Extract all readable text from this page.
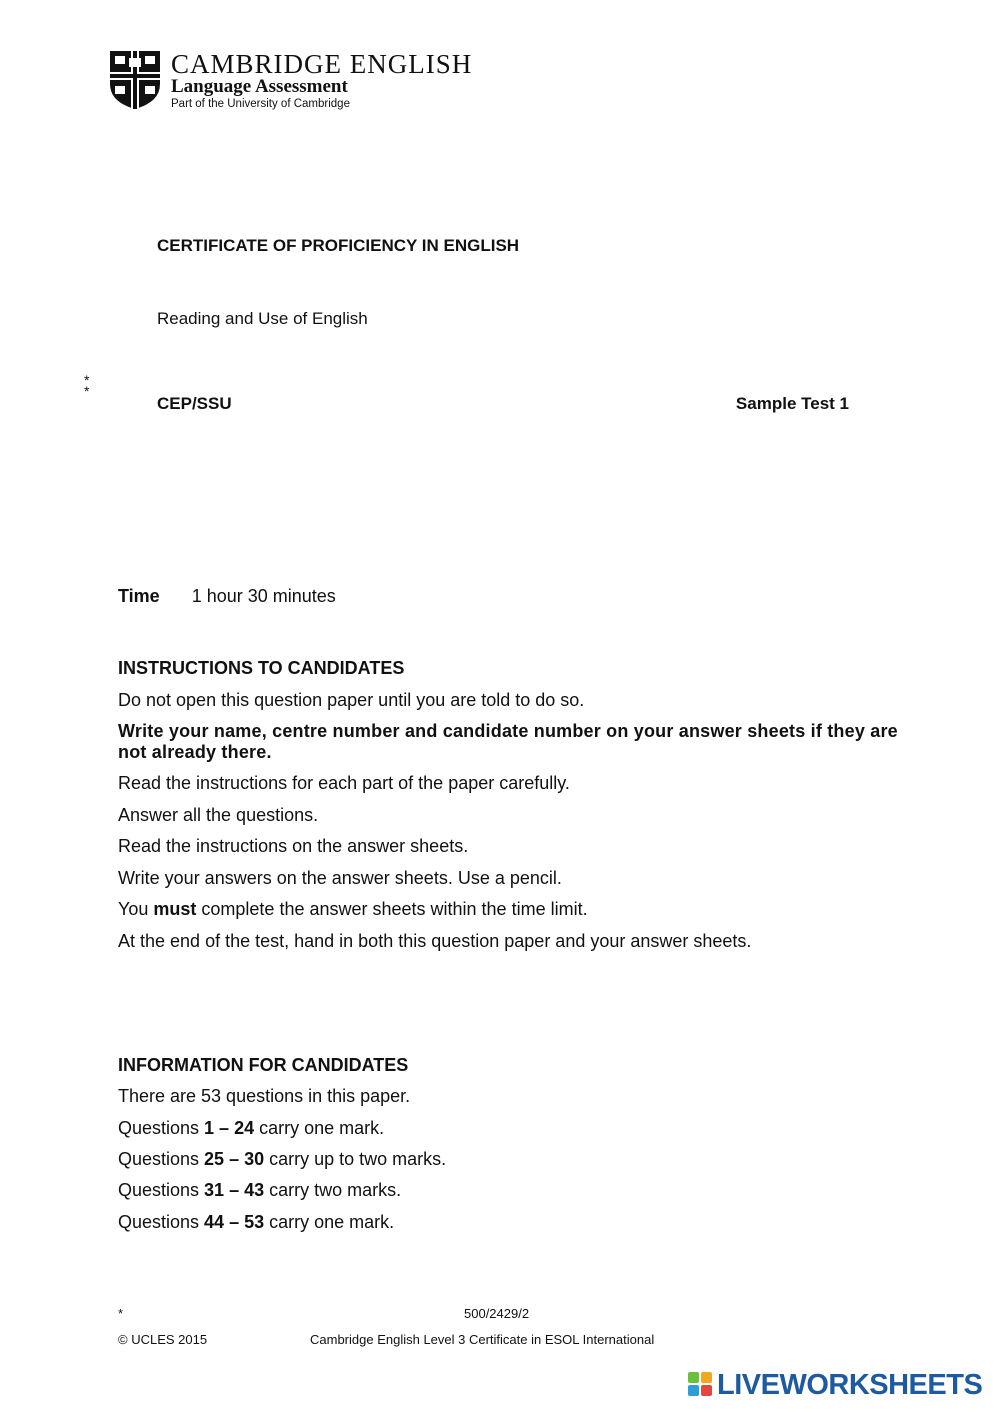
CAMBRIDGE ENGLISH
Language Assessment
Part of the University of Cambridge
CERTIFICATE OF PROFICIENCY IN ENGLISH
Reading and Use of English
* *
CEP/SSU	Sample Test 1
Time 1 hour 30 minutes
INSTRUCTIONS TO CANDIDATES
Do not open this question paper until you are told to do so.
Write your name, centre number and candidate number on your answer sheets if they are not already there.
Read the instructions for each part of the paper carefully.
Answer all the questions.
Read the instructions on the answer sheets.
Write your answers on the answer sheets. Use a pencil.
You must complete the answer sheets within the time limit.
At the end of the test, hand in both this question paper and your answer sheets.
INFORMATION FOR CANDIDATES
There are 53 questions in this paper.
Questions 1 – 24 carry one mark.
Questions 25 – 30 carry up to two marks.
Questions 31 – 43 carry two marks.
Questions 44 – 53 carry one mark.
*	500/2429/2
© UCLES 2015	Cambridge English Level 3 Certificate in ESOL International
LIVEWORKSHEETS
